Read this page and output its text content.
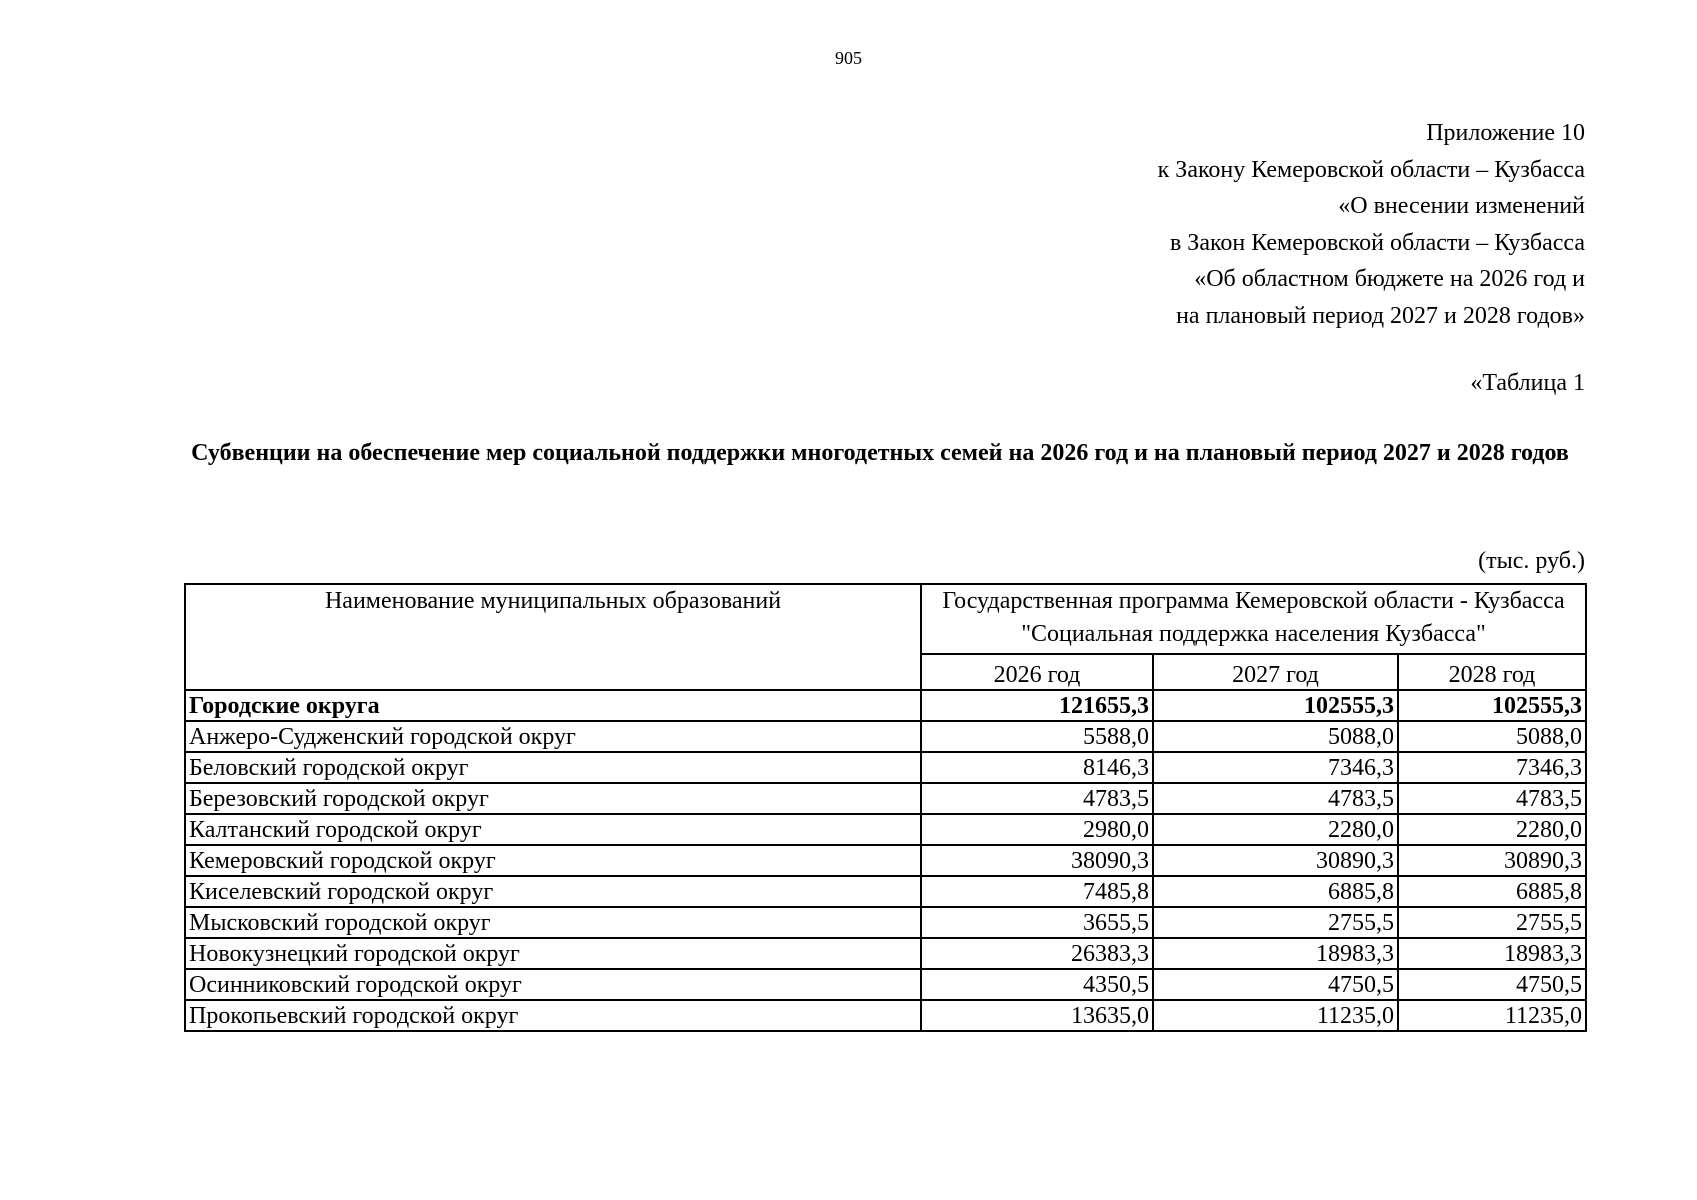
905
Приложение 10
к Закону Кемеровской области – Кузбасса
«О внесении изменений
в Закон Кемеровской области – Кузбасса
«Об областном бюджете на 2026 год и
на плановый период 2027 и 2028 годов»
«Таблица 1
Субвенции на обеспечение мер социальной поддержки многодетных семей на 2026 год и на плановый период 2027 и 2028 годов
(тыс. руб.)
Наименование муниципальных образований	Государственная программа Кемеровской области - Кузбасса "Социальная поддержка населения Кузбасса"		
	2026 год	2027 год	2028 год
Городские округа	121655,3	102555,3	102555,3
Анжеро-Судженский городской округ	5588,0	5088,0	5088,0
Беловский городской округ	8146,3	7346,3	7346,3
Березовский городской округ	4783,5	4783,5	4783,5
Калтанский городской округ	2980,0	2280,0	2280,0
Кемеровский городской округ	38090,3	30890,3	30890,3
Киселевский городской округ	7485,8	6885,8	6885,8
Мысковский городской округ	3655,5	2755,5	2755,5
Новокузнецкий городской округ	26383,3	18983,3	18983,3
Осинниковский городской округ	4350,5	4750,5	4750,5
Прокопьевский городской округ	13635,0	11235,0	11235,0
